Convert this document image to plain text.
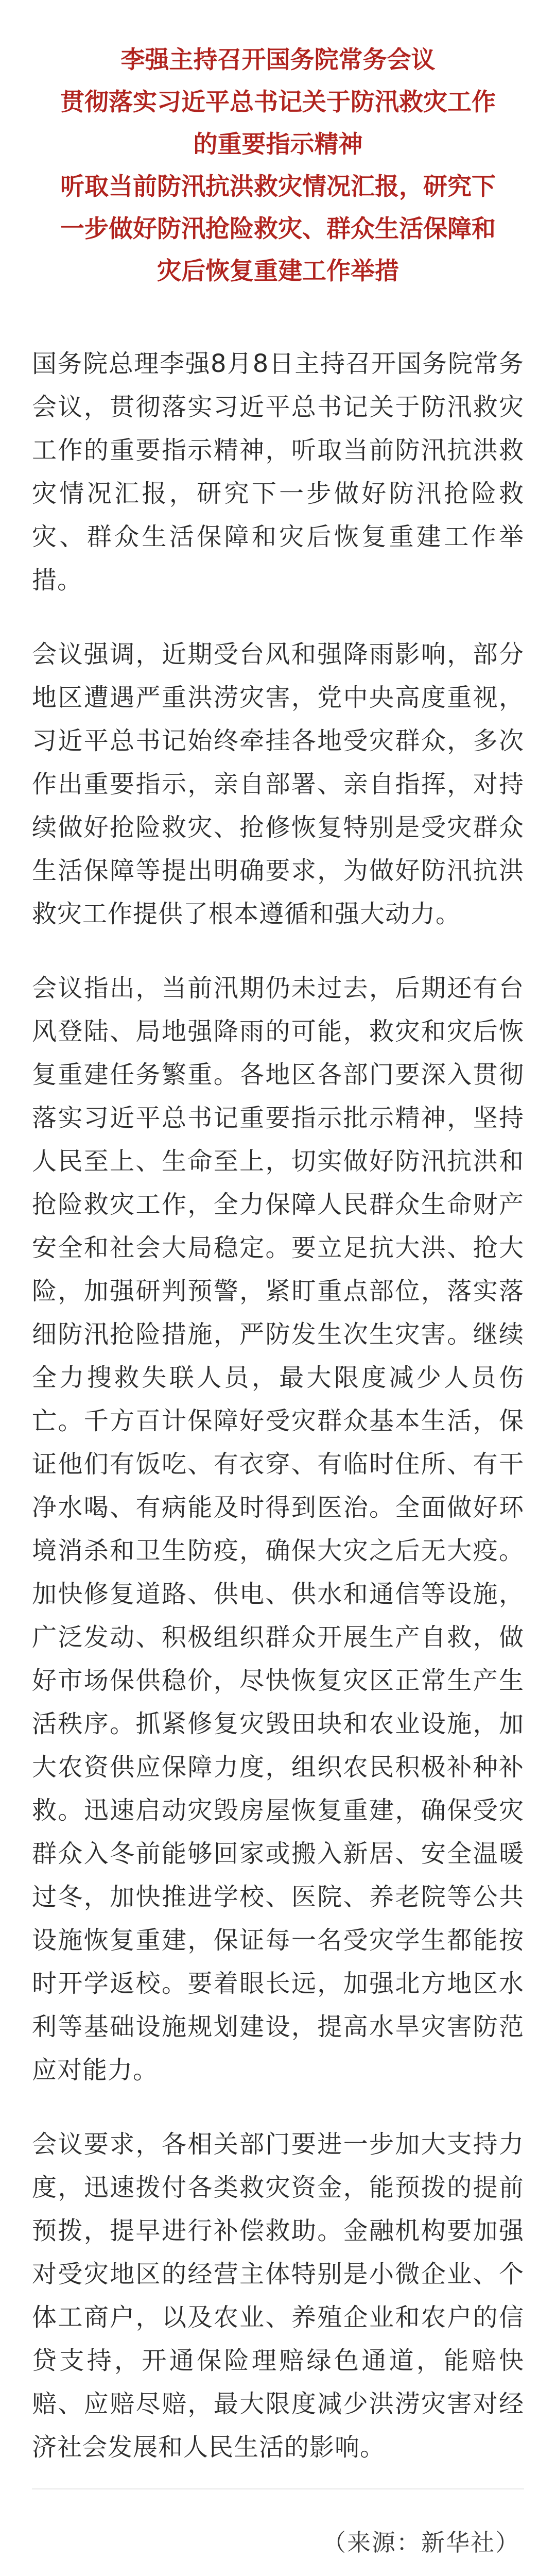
李强主持召开国务院常务会议
贯彻落实习近平总书记关于防汛救灾工作
的重要指示精神
听取当前防汛抗洪救灾情况汇报，研究下
一步做好防汛抢险救灾、群众生活保障和
灾后恢复重建工作举措

国务院总理李强8月8日主持召开国务院常务会议，贯彻落实习近平总书记关于防汛救灾工作的重要指示精神，听取当前防汛抗洪救灾情况汇报，研究下一步做好防汛抢险救灾、群众生活保障和灾后恢复重建工作举措。

会议强调，近期受台风和强降雨影响，部分地区遭遇严重洪涝灾害，党中央高度重视，习近平总书记始终牵挂各地受灾群众，多次作出重要指示，亲自部署、亲自指挥，对持续做好抢险救灾、抢修恢复特别是受灾群众生活保障等提出明确要求，为做好防汛抗洪救灾工作提供了根本遵循和强大动力。

会议指出，当前汛期仍未过去，后期还有台风登陆、局地强降雨的可能，救灾和灾后恢复重建任务繁重。各地区各部门要深入贯彻落实习近平总书记重要指示批示精神，坚持人民至上、生命至上，切实做好防汛抗洪和抢险救灾工作，全力保障人民群众生命财产安全和社会大局稳定。要立足抗大洪、抢大险，加强研判预警，紧盯重点部位，落实落细防汛抢险措施，严防发生次生灾害。继续全力搜救失联人员，最大限度减少人员伤亡。千方百计保障好受灾群众基本生活，保证他们有饭吃、有衣穿、有临时住所、有干净水喝、有病能及时得到医治。全面做好环境消杀和卫生防疫，确保大灾之后无大疫。加快修复道路、供电、供水和通信等设施，广泛发动、积极组织群众开展生产自救，做好市场保供稳价，尽快恢复灾区正常生产生活秩序。抓紧修复灾毁田块和农业设施，加大农资供应保障力度，组织农民积极补种补救。迅速启动灾毁房屋恢复重建，确保受灾群众入冬前能够回家或搬入新居、安全温暖过冬，加快推进学校、医院、养老院等公共设施恢复重建，保证每一名受灾学生都能按时开学返校。要着眼长远，加强北方地区水利等基础设施规划建设，提高水旱灾害防范应对能力。

会议要求，各相关部门要进一步加大支持力度，迅速拨付各类救灾资金，能预拨的提前预拨，提早进行补偿救助。金融机构要加强对受灾地区的经营主体特别是小微企业、个体工商户，以及农业、养殖企业和农户的信贷支持，开通保险理赔绿色通道，能赔快赔、应赔尽赔，最大限度减少洪涝灾害对经济社会发展和人民生活的影响。

（来源：新华社）
